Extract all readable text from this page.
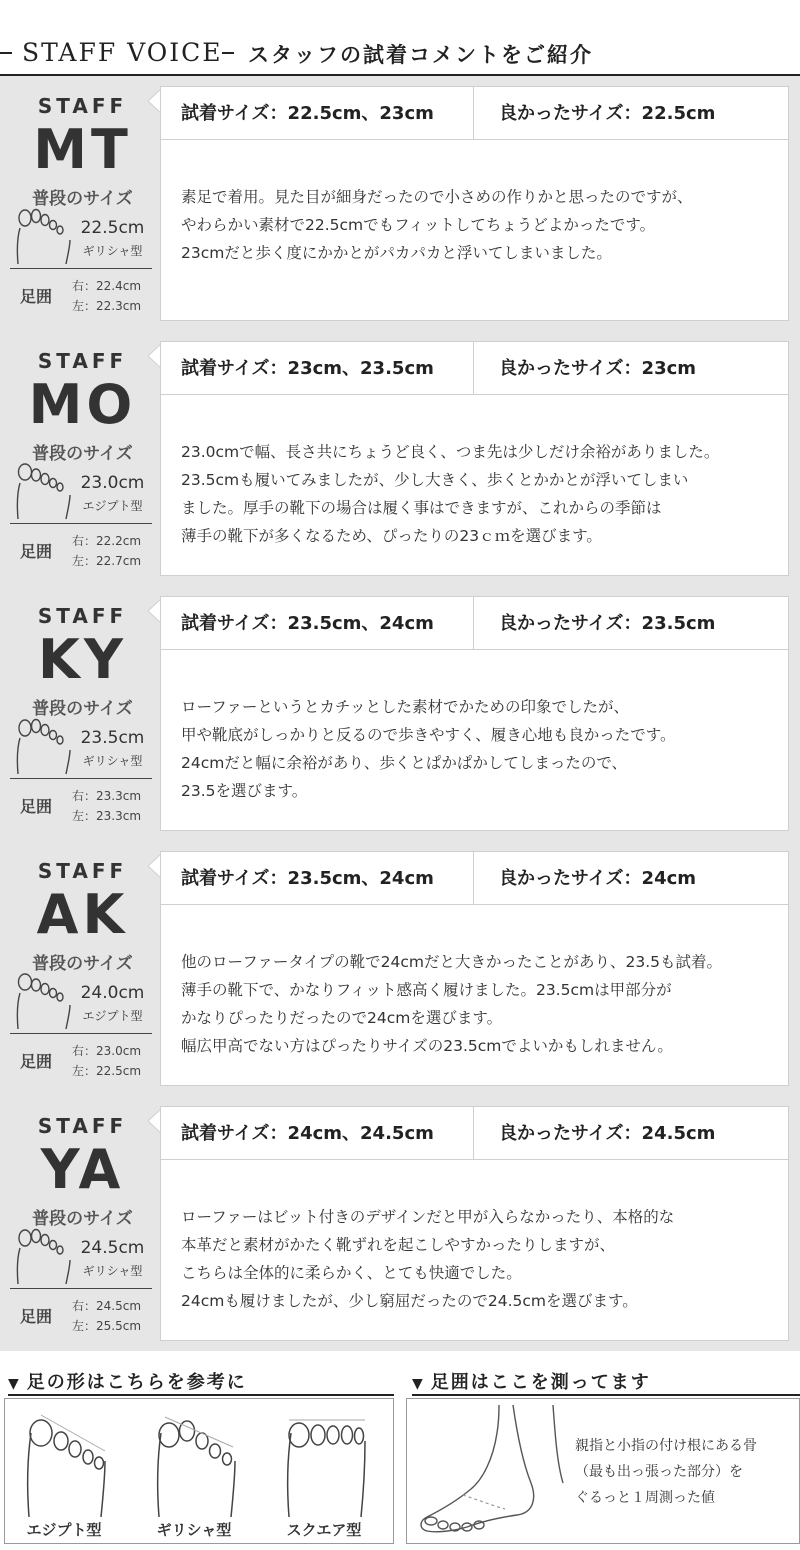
STAFF VOICE スタッフの試着コメントをご紹介
STAFF
MT
普段のサイズ
22.5cm
ギリシャ型
足囲
右：22.4cm
左：22.3cm
試着サイズ：22.5cm、23cm	良かったサイズ：22.5cm
素足で着用。見た目が細身だったので小さめの作りかと思ったのですが、
やわらかい素材で22.5cmでもフィットしてちょうどよかったです。
23cmだと歩く度にかかとがパカパカと浮いてしまいました。
STAFF
MO
普段のサイズ
23.0cm
エジプト型
足囲
右：22.2cm
左：22.7cm
試着サイズ：23cm、23.5cm	良かったサイズ：23cm
23.0cmで幅、長さ共にちょうど良く、つま先は少しだけ余裕がありました。
23.5cmも履いてみましたが、少し大きく、歩くとかかとが浮いてしまい
ました。厚手の靴下の場合は履く事はできますが、これからの季節は
薄手の靴下が多くなるため、ぴったりの23ｃｍを選びます。
STAFF
KY
普段のサイズ
23.5cm
ギリシャ型
足囲
右：23.3cm
左：23.3cm
試着サイズ：23.5cm、24cm	良かったサイズ：23.5cm
ローファーというとカチッとした素材でかための印象でしたが、
甲や靴底がしっかりと反るので歩きやすく、履き心地も良かったです。
24cmだと幅に余裕があり、歩くとぱかぱかしてしまったので、
23.5を選びます。
STAFF
AK
普段のサイズ
24.0cm
エジプト型
足囲
右：23.0cm
左：22.5cm
試着サイズ：23.5cm、24cm	良かったサイズ：24cm
他のローファータイプの靴で24cmだと大きかったことがあり、23.5も試着。
薄手の靴下で、かなりフィット感高く履けました。23.5cmは甲部分が
かなりぴったりだったので24cmを選びます。
幅広甲高でない方はぴったりサイズの23.5cmでよいかもしれません。
STAFF
YA
普段のサイズ
24.5cm
ギリシャ型
足囲
右：24.5cm
左：25.5cm
試着サイズ：24cm、24.5cm	良かったサイズ：24.5cm
ローファーはビット付きのデザインだと甲が入らなかったり、本格的な
本革だと素材がかたく靴ずれを起こしやすかったりしますが、
こちらは全体的に柔らかく、とても快適でした。
24cmも履けましたが、少し窮屈だったので24.5cmを選びます。
▼ 足の形はこちらを参考に
エジプト型	ギリシャ型	スクエア型
▼ 足囲はここを測ってます
親指と小指の付け根にある骨
（最も出っ張った部分）を
ぐるっと１周測った値
